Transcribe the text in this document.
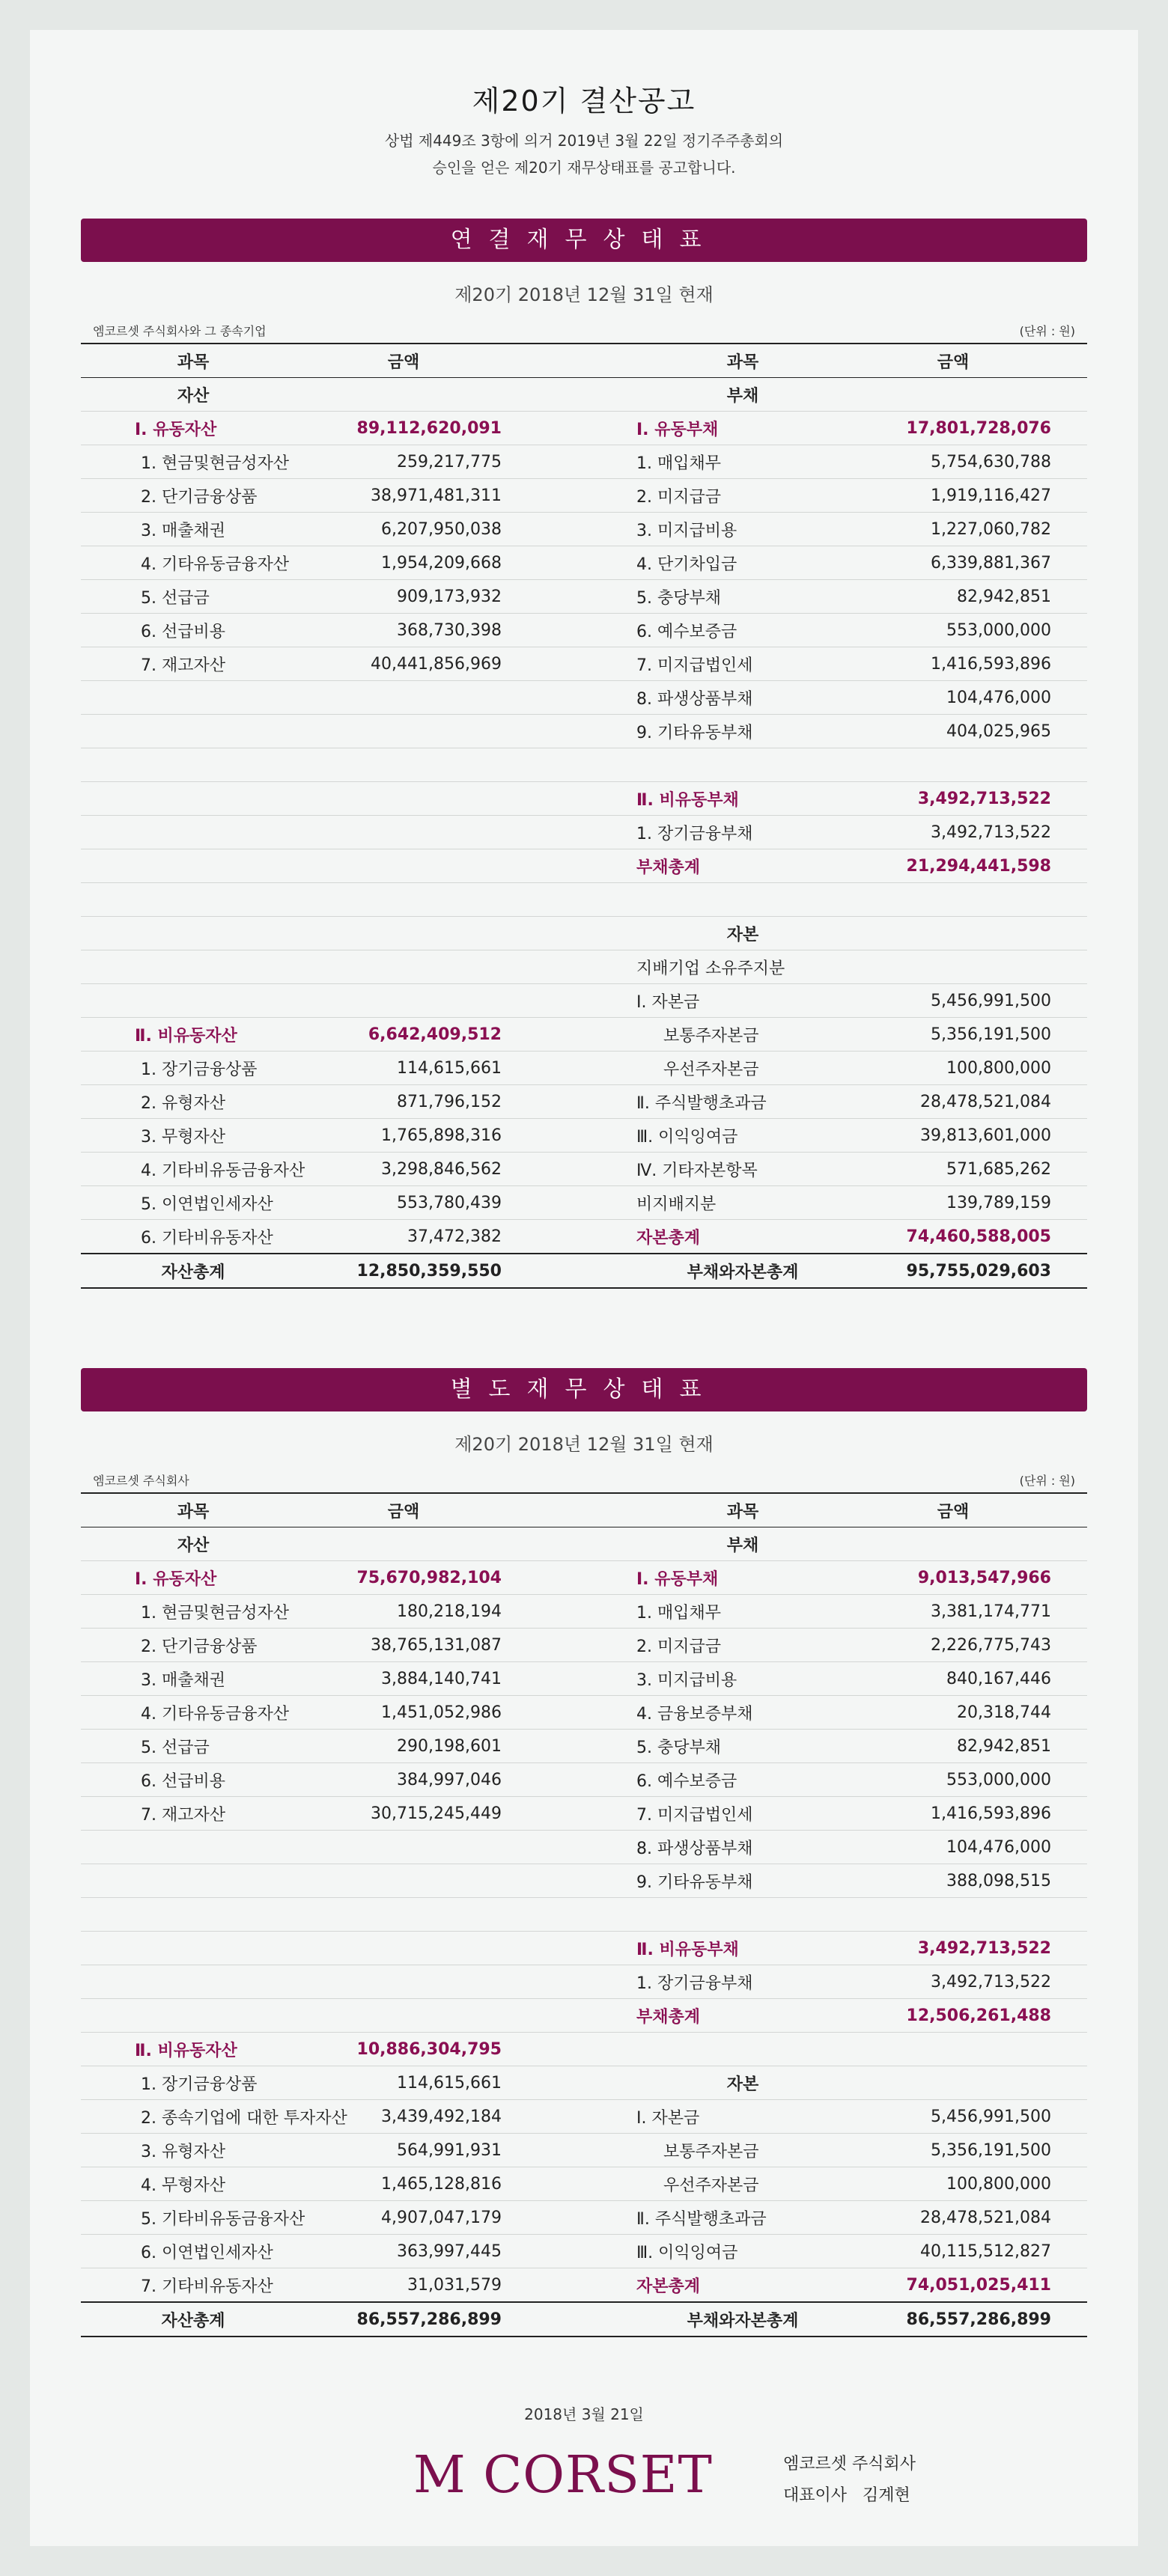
제20기 결산공고
상법 제449조 3항에 의거 2019년 3월 22일 정기주주총회의
승인을 얻은 제20기 재무상태표를 공고합니다.
연결재무상태표
제20기 2018년 12월 31일 현재
엠코르셋 주식회사와 그 종속기업	(단위 : 원)
과목	금액		과목	금액	
자산			부채		
Ⅰ. 유동자산	89,112,620,091		Ⅰ. 유동부채	17,801,728,076	
1. 현금및현금성자산	259,217,775		1. 매입채무	5,754,630,788	
2. 단기금융상품	38,971,481,311		2. 미지급금	1,919,116,427	
3. 매출채권	6,207,950,038		3. 미지급비용	1,227,060,782	
4. 기타유동금융자산	1,954,209,668		4. 단기차입금	6,339,881,367	
5. 선급금	909,173,932		5. 충당부채	82,942,851	
6. 선급비용	368,730,398		6. 예수보증금	553,000,000	
7. 재고자산	40,441,856,969		7. 미지급법인세	1,416,593,896	
			8. 파생상품부채	104,476,000	
			9. 기타유동부채	404,025,965	

			Ⅱ. 비유동부채	3,492,713,522	
			1. 장기금융부채	3,492,713,522	
			부채총계	21,294,441,598	

			자본		
			지배기업 소유주지분		
			Ⅰ. 자본금	5,456,991,500	
Ⅱ. 비유동자산	6,642,409,512		보통주자본금	5,356,191,500	
1. 장기금융상품	114,615,661		우선주자본금	100,800,000	
2. 유형자산	871,796,152		Ⅱ. 주식발행초과금	28,478,521,084	
3. 무형자산	1,765,898,316		Ⅲ. 이익잉여금	39,813,601,000	
4. 기타비유동금융자산	3,298,846,562		Ⅳ. 기타자본항목	571,685,262	
5. 이연법인세자산	553,780,439		비지배지분	139,789,159	
6. 기타비유동자산	37,472,382		자본총계	74,460,588,005	
자산총계	12,850,359,550		부채와자본총계	95,755,029,603	
별도재무상태표
제20기 2018년 12월 31일 현재
엠코르셋 주식회사	(단위 : 원)
과목	금액		과목	금액	
자산			부채		
Ⅰ. 유동자산	75,670,982,104		Ⅰ. 유동부채	9,013,547,966	
1. 현금및현금성자산	180,218,194		1. 매입채무	3,381,174,771	
2. 단기금융상품	38,765,131,087		2. 미지급금	2,226,775,743	
3. 매출채권	3,884,140,741		3. 미지급비용	840,167,446	
4. 기타유동금융자산	1,451,052,986		4. 금융보증부채	20,318,744	
5. 선급금	290,198,601		5. 충당부채	82,942,851	
6. 선급비용	384,997,046		6. 예수보증금	553,000,000	
7. 재고자산	30,715,245,449		7. 미지급법인세	1,416,593,896	
			8. 파생상품부채	104,476,000	
			9. 기타유동부채	388,098,515	

			Ⅱ. 비유동부채	3,492,713,522	
			1. 장기금융부채	3,492,713,522	
			부채총계	12,506,261,488	
Ⅱ. 비유동자산	10,886,304,795				
1. 장기금융상품	114,615,661		자본		
2. 종속기업에 대한 투자자산	3,439,492,184		Ⅰ. 자본금	5,456,991,500	
3. 유형자산	564,991,931		보통주자본금	5,356,191,500	
4. 무형자산	1,465,128,816		우선주자본금	100,800,000	
5. 기타비유동금융자산	4,907,047,179		Ⅱ. 주식발행초과금	28,478,521,084	
6. 이연법인세자산	363,997,445		Ⅲ. 이익잉여금	40,115,512,827	
7. 기타비유동자산	31,031,579		자본총계	74,051,025,411	
자산총계	86,557,286,899		부채와자본총계	86,557,286,899	
2018년 3월 21일
M CORSET	엠코르셋 주식회사
대표이사   김계현
